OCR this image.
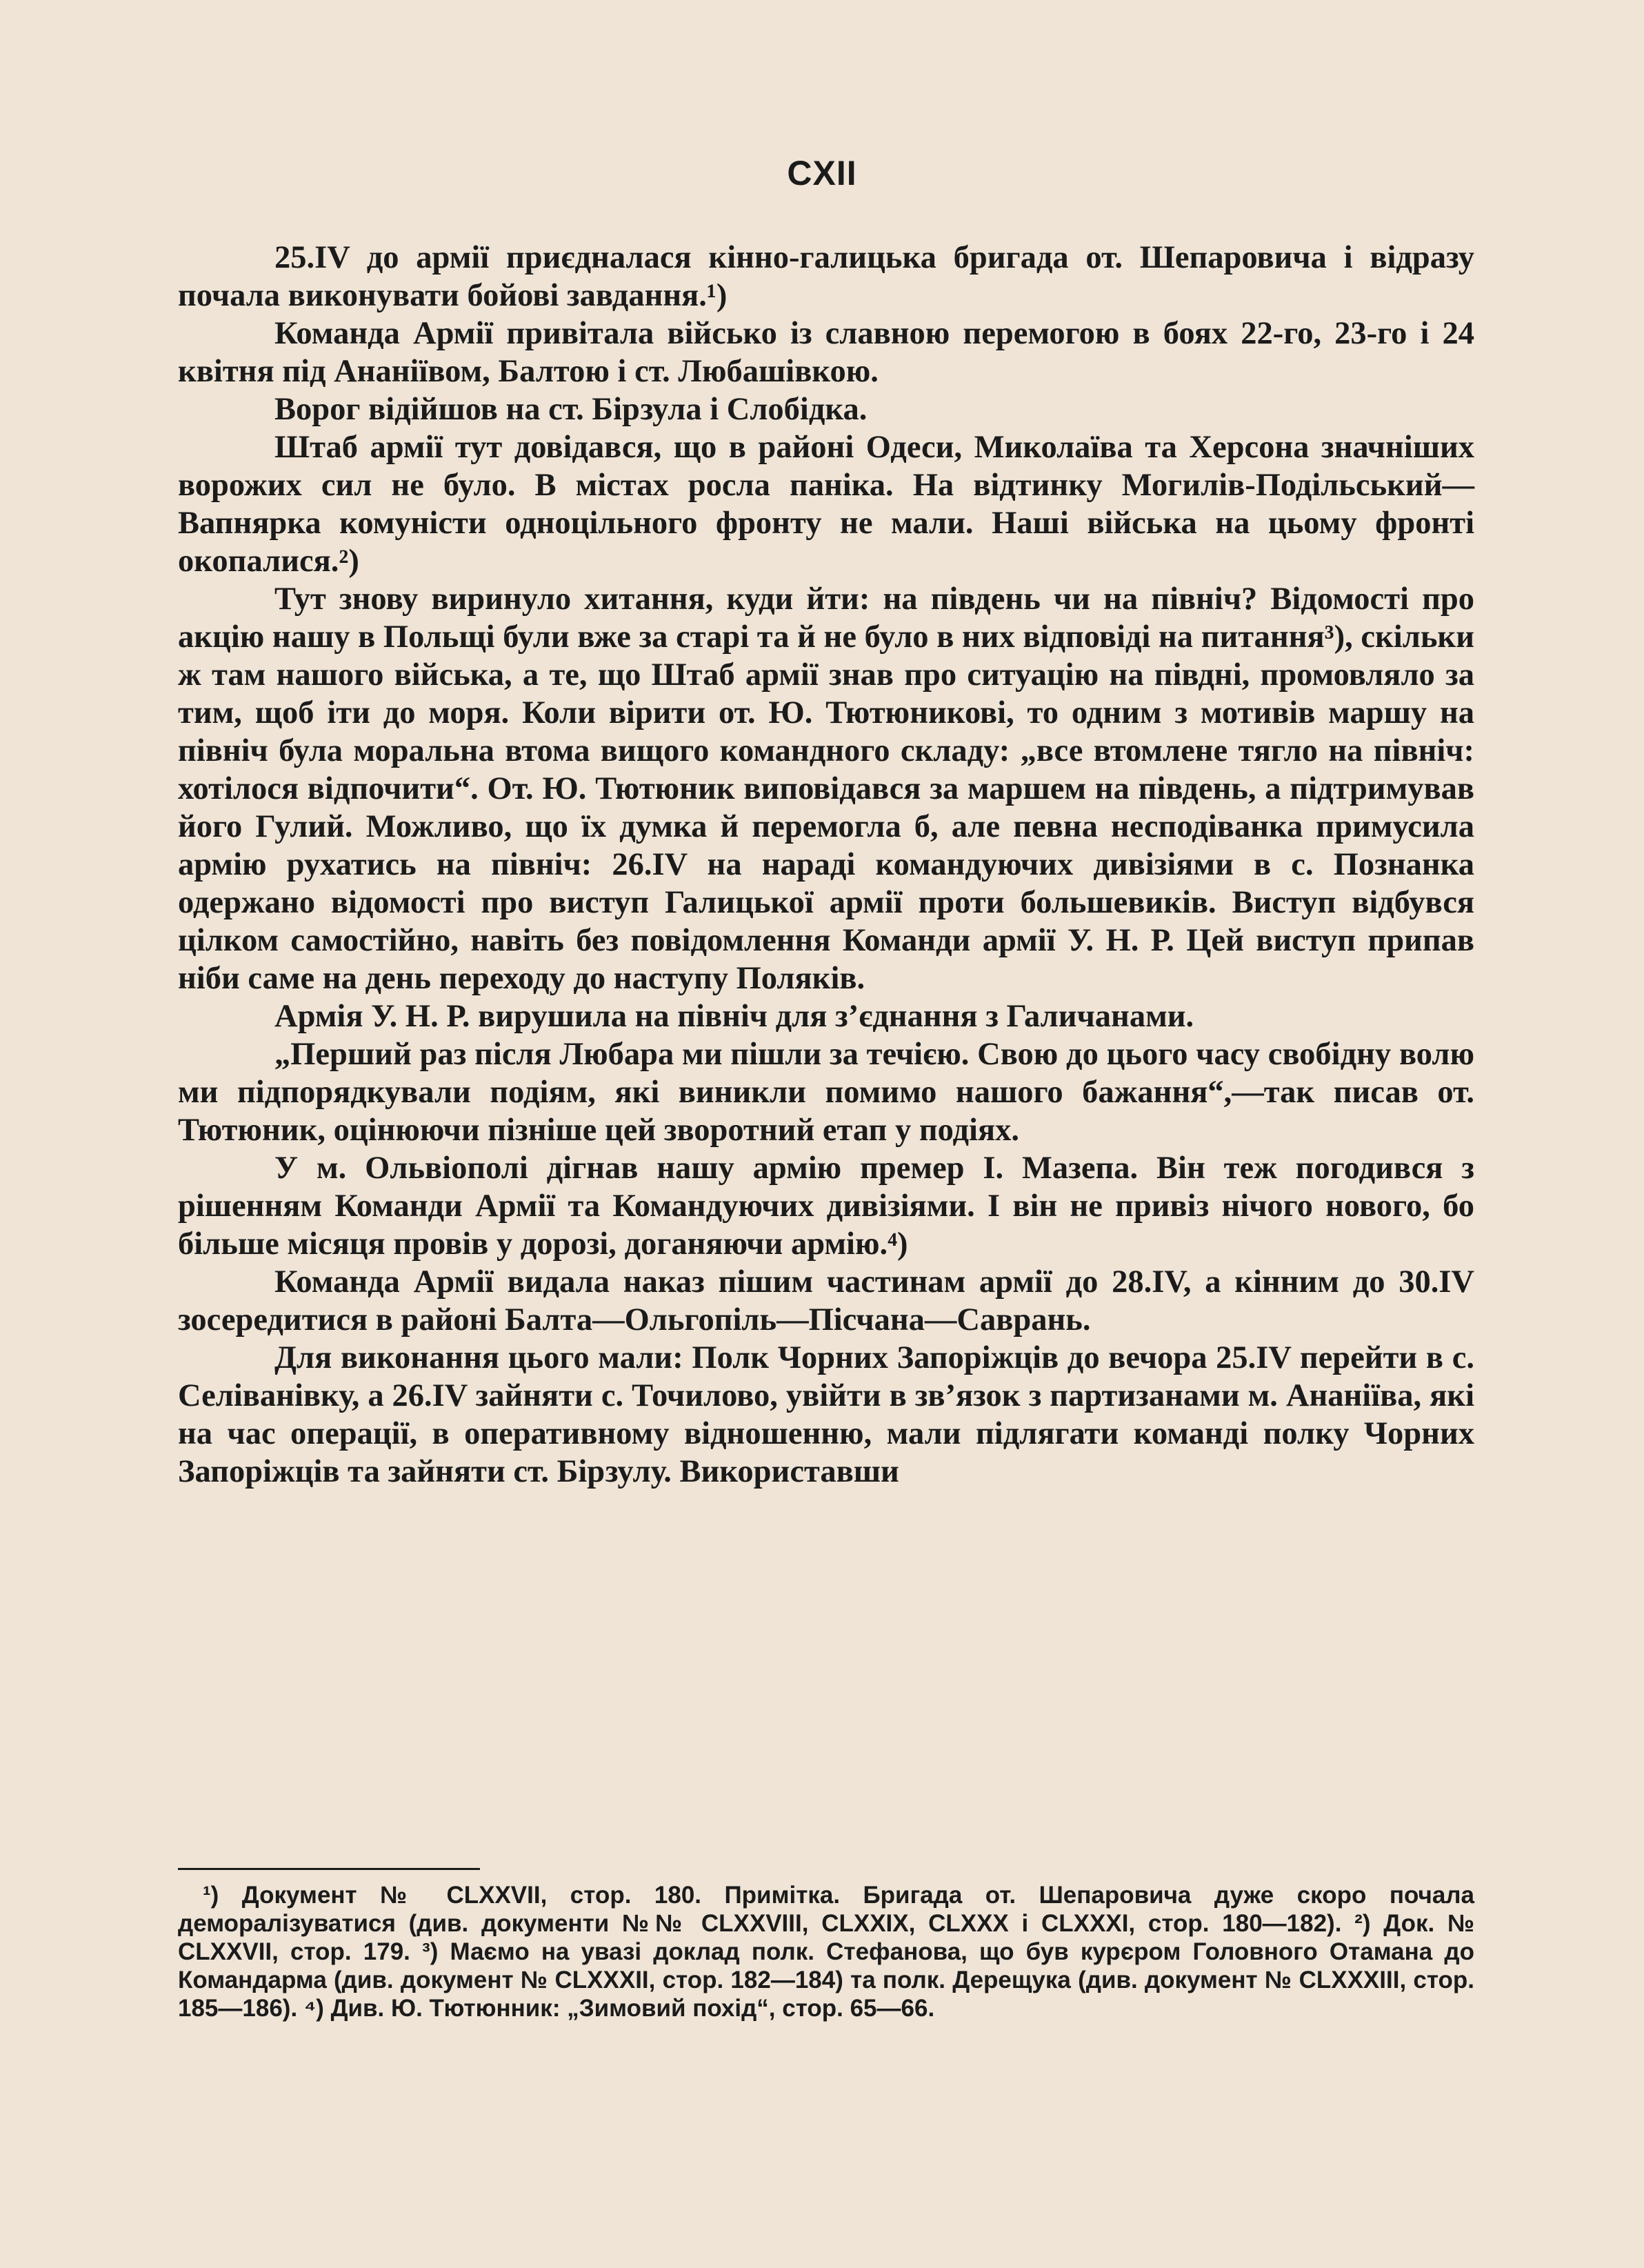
CXII

25.IV до армії приєдналася кінно-галицька бригада от. Шепаровича і відразу почала виконувати бойові завдання.¹)

Команда Армії привітала військо із славною перемогою в боях 22-го, 23-го і 24 квітня під Ананіївом, Балтою і ст. Любашівкою.

Ворог відійшов на ст. Бірзула і Слобідка.

Штаб армії тут довідався, що в районі Одеси, Миколаїва та Херсона значніших ворожих сил не було. В містах росла паніка. На відтинку Могилів-Подільський—Вапнярка комуністи одноцільного фронту не мали. Наші війська на цьому фронті окопалися.²)

Тут знову виринуло хитання, куди йти: на південь чи на північ? Відомості про акцію нашу в Польщі були вже за старі та й не було в них відповіді на питання³), скільки ж там нашого війська, а те, що Штаб армії знав про ситуацію на півдні, промовляло за тим, щоб іти до моря. Коли вірити от. Ю. Тютюникові, то одним з мотивів маршу на північ була моральна втома вищого командного складу: „все втомлене тягло на північ: хотілося відпочити“. От. Ю. Тютюник виповідався за маршем на південь, а підтримував його Гулий. Можливо, що їх думка й перемогла б, але певна несподіванка примусила армію рухатись на північ: 26.IV на нараді командуючих дивізіями в с. Познанка одержано відомості про виступ Галицької армії проти большевиків. Виступ відбувся цілком самостійно, навіть без повідомлення Команди армії У. Н. Р. Цей виступ припав ніби саме на день переходу до наступу Поляків.

Армія У. Н. Р. вирушила на північ для з’єднання з Галичанами.

„Перший раз після Любара ми пішли за течією. Свою до цього часу свобідну волю ми підпорядкували подіям, які виникли помимо нашого бажання“,—так писав от. Тютюник, оцінюючи пізніше цей зворотний етап у подіях.

У м. Ольвіополі дігнав нашу армію премер І. Мазепа. Він теж погодився з рішенням Команди Армії та Командуючих дивізіями. І він не привіз нічого нового, бо більше місяця провів у дорозі, доганяючи армію.⁴)

Команда Армії видала наказ пішим частинам армії до 28.IV, а кінним до 30.IV зосередитися в районі Балта—Ольгопіль—Пісчана—Саврань.

Для виконання цього мали: Полк Чорних Запоріжців до вечора 25.IV перейти в с. Селіванівку, а 26.IV зайняти с. Точилово, увійти в зв’язок з партизанами м. Ананіїва, які на час операції, в оперативному відношенню, мали підлягати команді полку Чорних Запоріжців та зайняти ст. Бірзулу. Використавши

¹) Документ № CLXXVII, стор. 180. Примітка. Бригада от. Шепаровича дуже скоро почала деморалізуватися (див. документи №№ CLXXVIII, CLXXIX, CLXXX і CLXXXI, стор. 180—182). ²) Док. № CLXXVII, стор. 179. ³) Маємо на увазі доклад полк. Стефанова, що був курєром Головного Отамана до Командарма (див. документ № CLXXXII, стор. 182—184) та полк. Дерещука (див. документ № CLXXXIII, стор. 185—186). ⁴) Див. Ю. Тютюнник: „Зимовий похід“, стор. 65—66.
